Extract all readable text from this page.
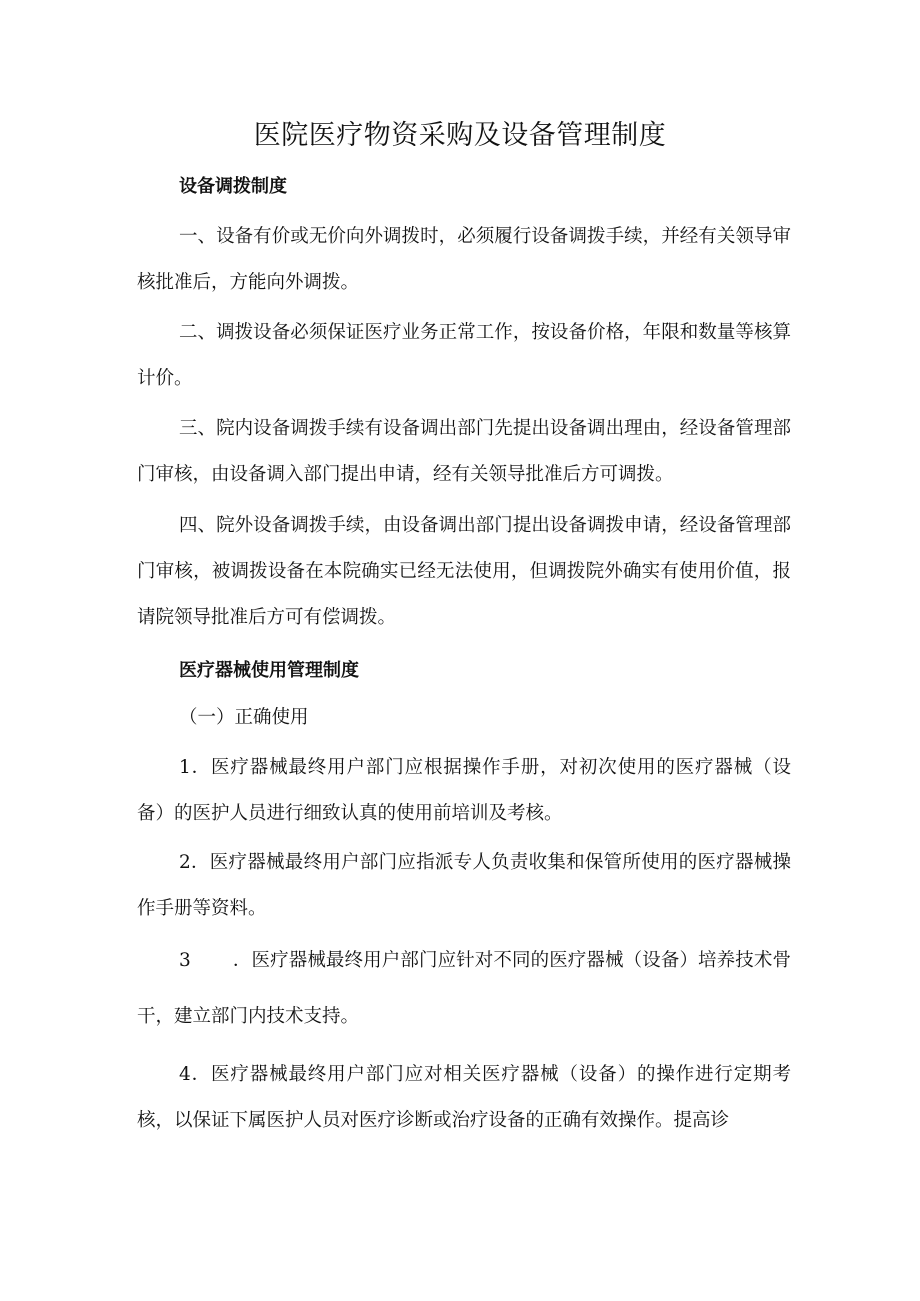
医院医疗物资采购及设备管理制度
设备调拨制度

一、设备有价或无价向外调拨时，必须履行设备调拨手续，并经有关领导审核批准后，方能向外调拨。

二、调拨设备必须保证医疗业务正常工作，按设备价格，年限和数量等核算计价。

三、院内设备调拨手续有设备调出部门先提出设备调出理由，经设备管理部门审核，由设备调入部门提出申请，经有关领导批准后方可调拨。

四、院外设备调拨手续，由设备调出部门提出设备调拨申请，经设备管理部门审核，被调拨设备在本院确实已经无法使用，但调拨院外确实有使用价值，报请院领导批准后方可有偿调拨。

医疗器械使用管理制度
（一）正确使用

1．医疗器械最终用户部门应根据操作手册，对初次使用的医疗器械（设备）的医护人员进行细致认真的使用前培训及考核。

2．医疗器械最终用户部门应指派专人负责收集和保管所使用的医疗器械操作手册等资料。

3 ．医疗器械最终用户部门应针对不同的医疗器械（设备）培养技术骨干，建立部门内技术支持。

4．医疗器械最终用户部门应对相关医疗器械（设备）的操作进行定期考核，以保证下属医护人员对医疗诊断或治疗设备的正确有效操作。提高诊
